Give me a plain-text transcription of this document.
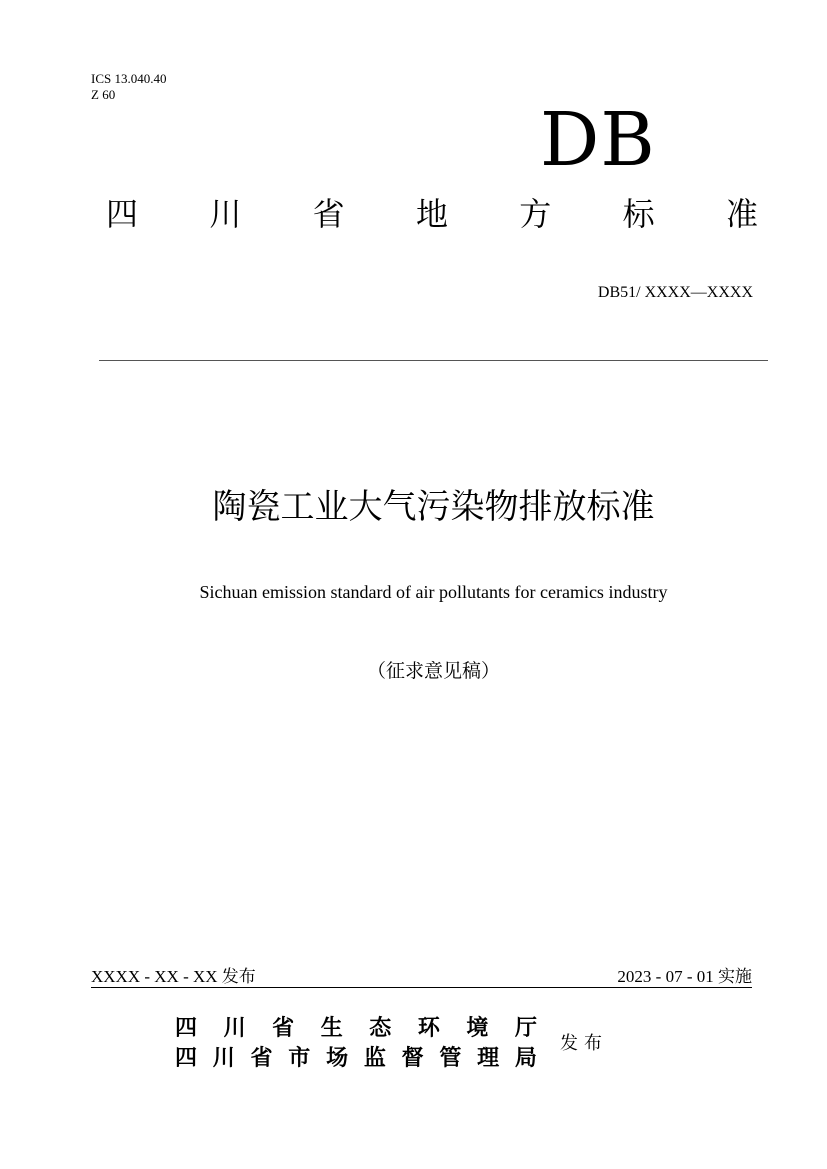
ICS 13.040.40
Z 60
DB
四 川 省 地 方 标 准
DB51/ XXXX—XXXX
陶瓷工业大气污染物排放标准
Sichuan emission standard of air pollutants for ceramics industry
（征求意见稿）
XXXX - XX - XX 发布	2023 - 07 - 01 实施
四 川 省 生 态 环 境 厅
四 川 省 市 场 监 督 管 理 局
发布
